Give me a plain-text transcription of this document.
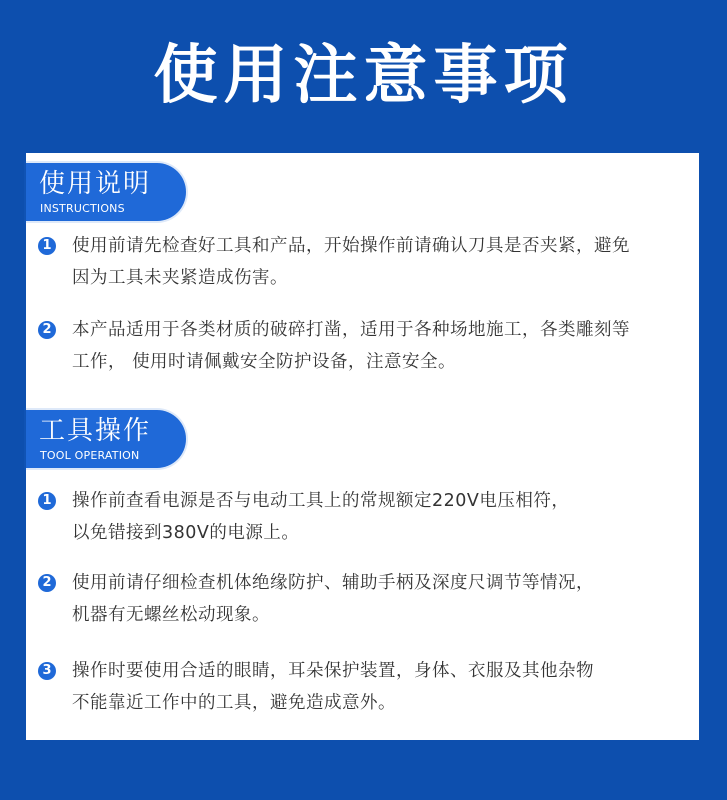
使用注意事项
使用说明
INSTRUCTIONS
1 使用前请先检查好工具和产品，开始操作前请确认刀具是否夹紧，避免
因为工具未夹紧造成伤害。
2 本产品适用于各类材质的破碎打凿，适用于各种场地施工，各类雕刻等
工作， 使用时请佩戴安全防护设备，注意安全。
工具操作
TOOL OPERATION
1 操作前查看电源是否与电动工具上的常规额定220V电压相符，
以免错接到380V的电源上。
2 使用前请仔细检查机体绝缘防护、辅助手柄及深度尺调节等情况，
机器有无螺丝松动现象。
3 操作时要使用合适的眼睛，耳朵保护装置，身体、衣服及其他杂物
不能靠近工作中的工具，避免造成意外。
